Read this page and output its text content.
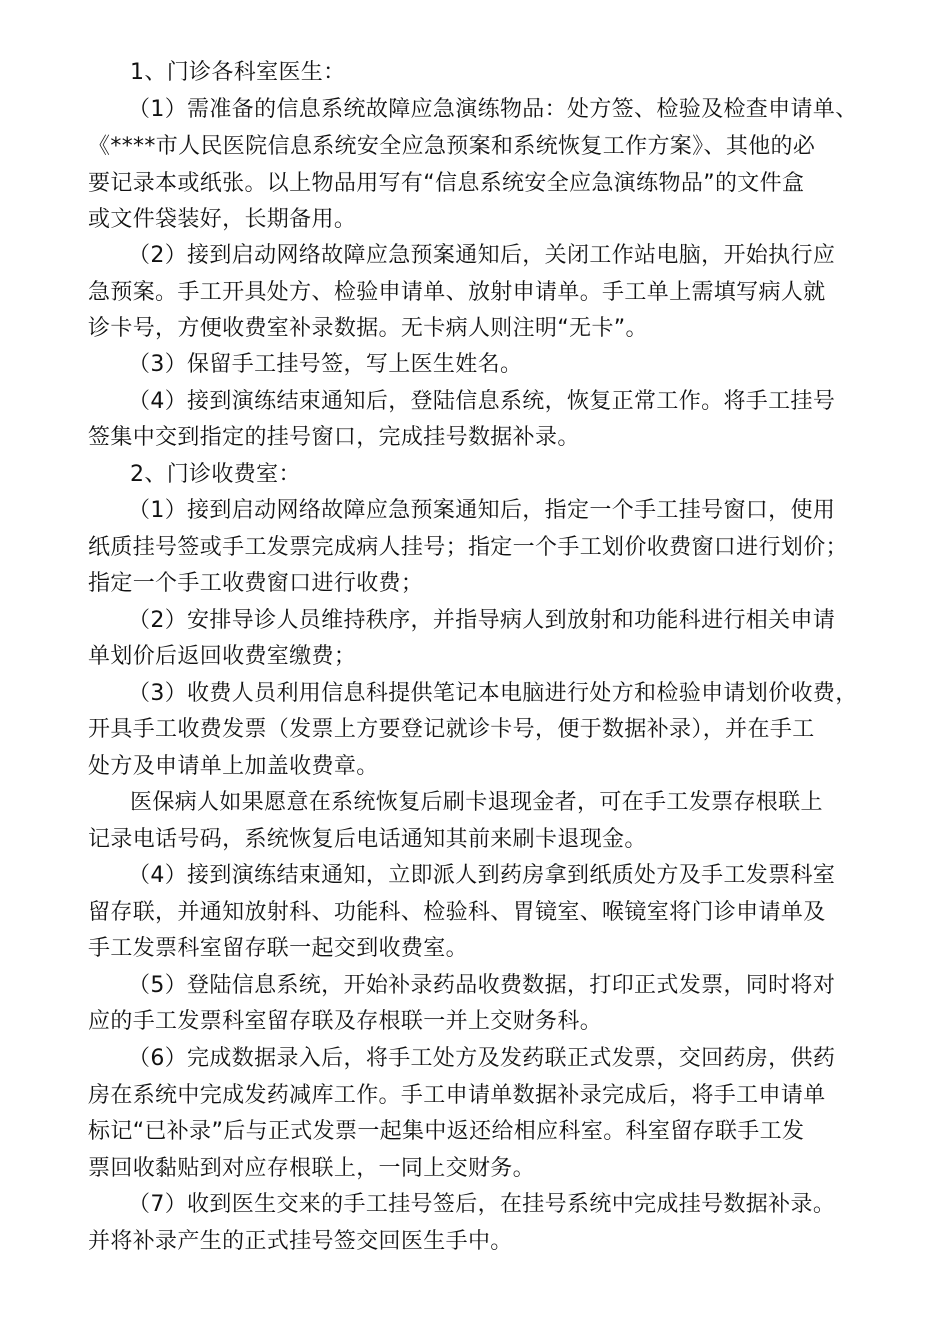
1、门诊各科室医生：
（1）需准备的信息系统故障应急演练物品：处方签、检验及检查申请单、
《****市人民医院信息系统安全应急预案和系统恢复工作方案》、其他的必
要记录本或纸张。以上物品用写有“信息系统安全应急演练物品”的文件盒
或文件袋装好，长期备用。
（2）接到启动网络故障应急预案通知后，关闭工作站电脑，开始执行应
急预案。手工开具处方、检验申请单、放射申请单。手工单上需填写病人就
诊卡号，方便收费室补录数据。无卡病人则注明“无卡”。
（3）保留手工挂号签，写上医生姓名。
（4）接到演练结束通知后，登陆信息系统，恢复正常工作。将手工挂号
签集中交到指定的挂号窗口，完成挂号数据补录。
2、门诊收费室：
（1）接到启动网络故障应急预案通知后，指定一个手工挂号窗口，使用
纸质挂号签或手工发票完成病人挂号；指定一个手工划价收费窗口进行划价；
指定一个手工收费窗口进行收费；
（2）安排导诊人员维持秩序，并指导病人到放射和功能科进行相关申请
单划价后返回收费室缴费；
（3）收费人员利用信息科提供笔记本电脑进行处方和检验申请划价收费，
开具手工收费发票（发票上方要登记就诊卡号，便于数据补录），并在手工
处方及申请单上加盖收费章。
医保病人如果愿意在系统恢复后刷卡退现金者，可在手工发票存根联上
记录电话号码，系统恢复后电话通知其前来刷卡退现金。
（4）接到演练结束通知，立即派人到药房拿到纸质处方及手工发票科室
留存联，并通知放射科、功能科、检验科、胃镜室、喉镜室将门诊申请单及
手工发票科室留存联一起交到收费室。
（5）登陆信息系统，开始补录药品收费数据，打印正式发票，同时将对
应的手工发票科室留存联及存根联一并上交财务科。
（6）完成数据录入后，将手工处方及发药联正式发票，交回药房，供药
房在系统中完成发药减库工作。手工申请单数据补录完成后，将手工申请单
标记“已补录”后与正式发票一起集中返还给相应科室。科室留存联手工发
票回收黏贴到对应存根联上，一同上交财务。
（7）收到医生交来的手工挂号签后，在挂号系统中完成挂号数据补录。
并将补录产生的正式挂号签交回医生手中。
